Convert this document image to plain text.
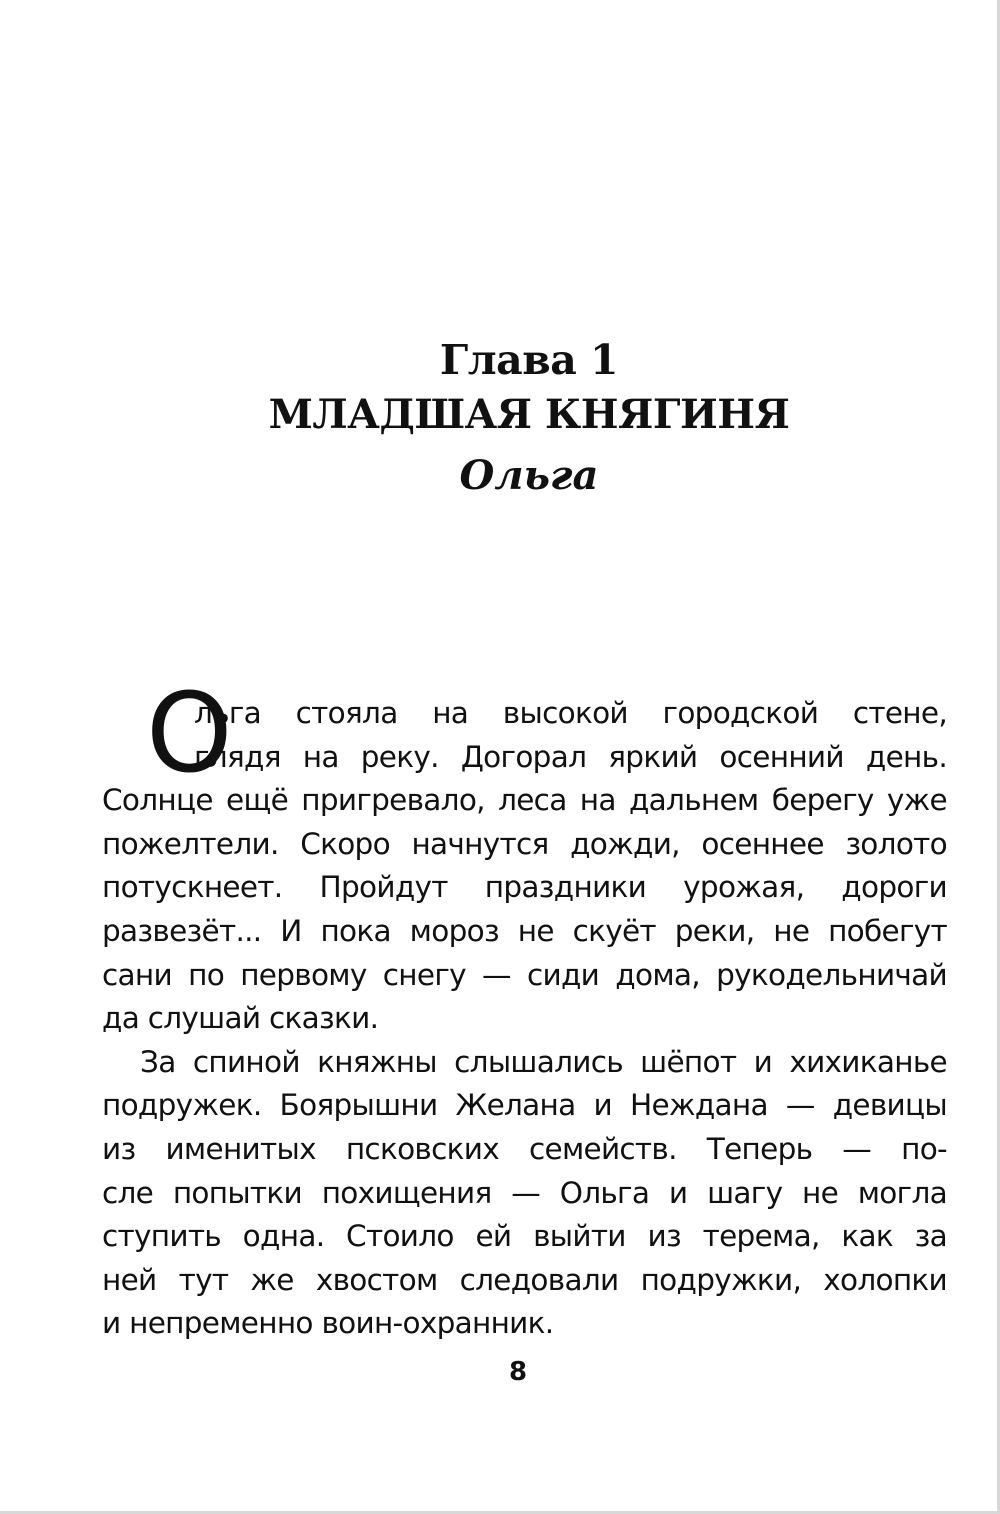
Глава 1
МЛАДШАЯ КНЯГИНЯ
Ольга
О
льга стояла на высокой городской стене,
глядя на реку. Догорал яркий осенний день.
Солнце ещё пригревало, леса на дальнем берегу уже
пожелтели. Скоро начнутся дожди, осеннее золото
потускнеет. Пройдут праздники урожая, дороги
развезёт... И пока мороз не скуёт реки, не побегут
сани по первому снегу — сиди дома, рукодельничай
да слушай сказки.
За спиной княжны слышались шёпот и хихиканье
подружек. Боярышни Желана и Неждана — девицы
из именитых псковских семейств. Теперь — по-
сле попытки похищения — Ольга и шагу не могла
ступить одна. Стоило ей выйти из терема, как за
ней тут же хвостом следовали подружки, холопки
и непременно воин-охранник.
8
